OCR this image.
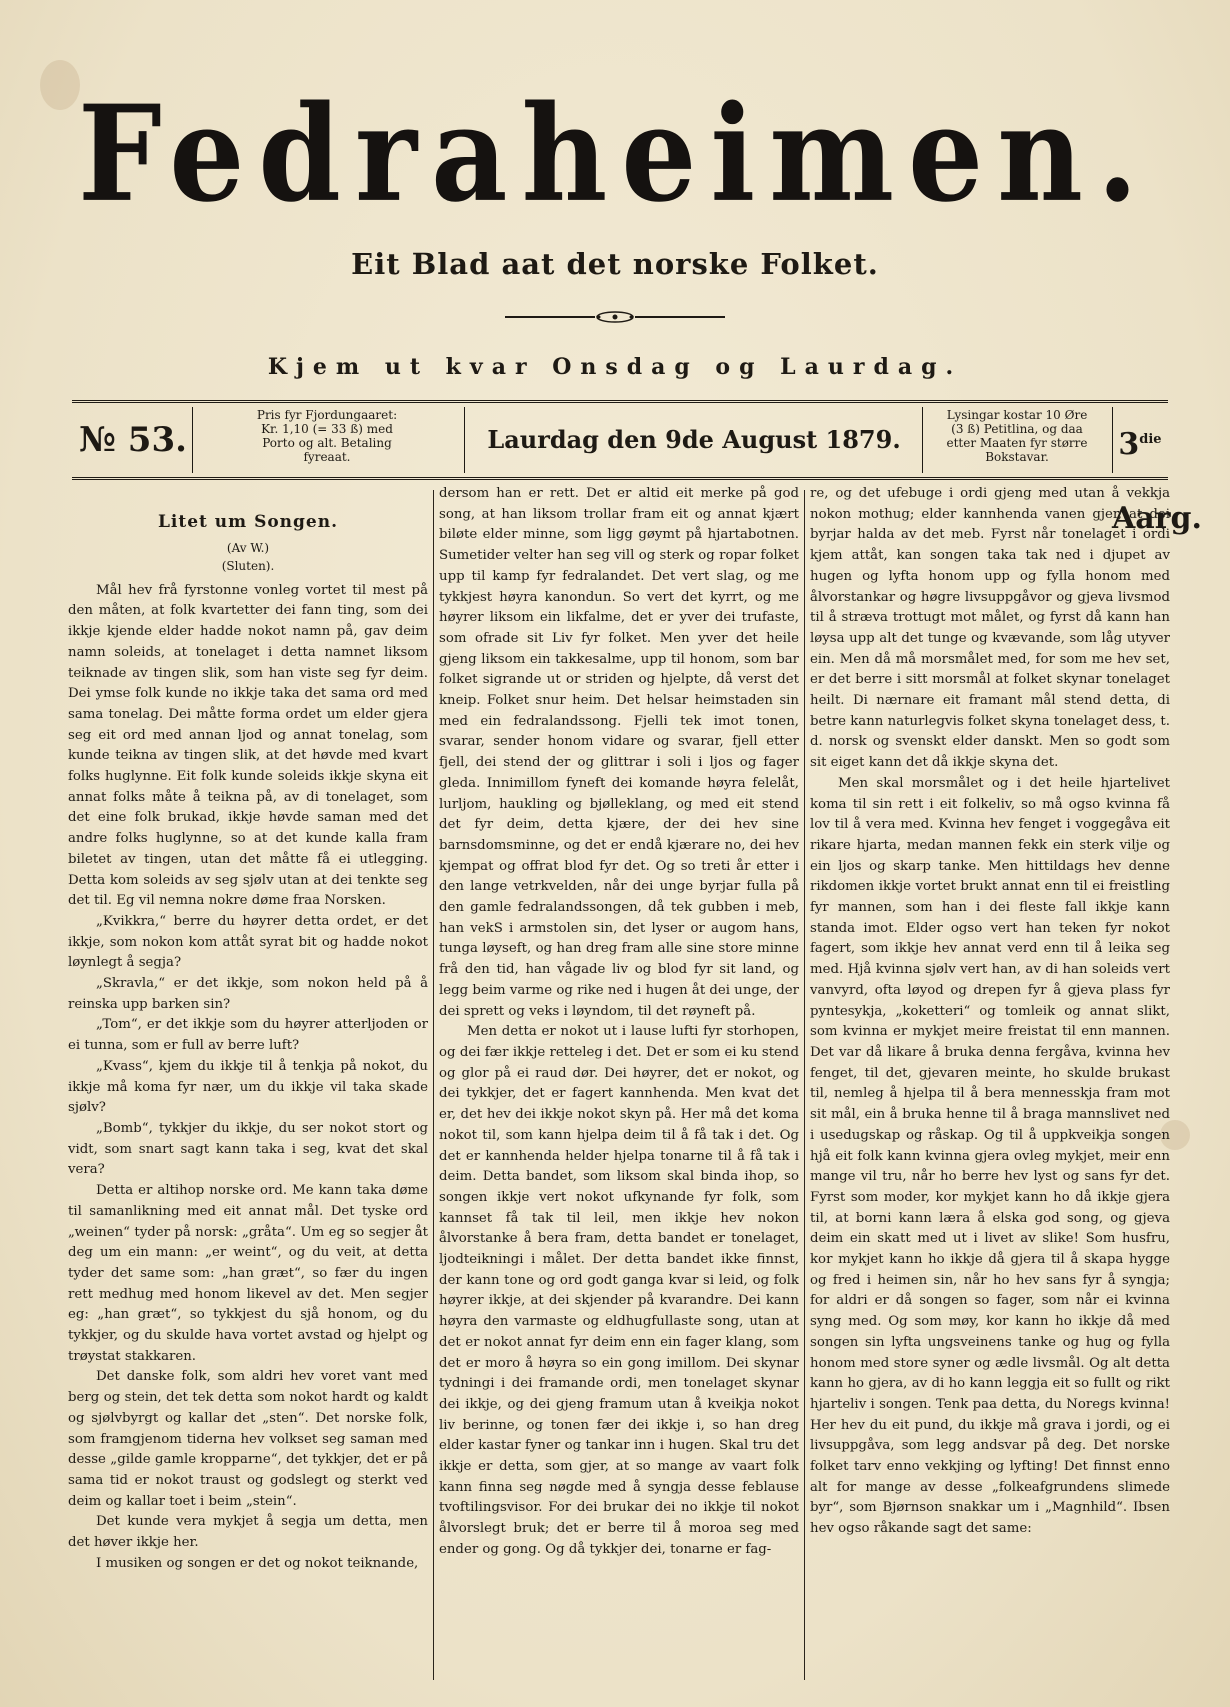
Fedraheimen.
Eit Blad aat det norske Folket.
Kjem ut kvar Onsdag og Laurdag.
№ 53.
Pris fyr Fjordungaaret:
Kr. 1,10 (= 33 ß) med
Porto og alt. Betaling
fyreaat.
Laurdag den 9de August 1879.
Lysingar kostar 10 Øre
(3 ß) Petitlina, og daa
etter Maaten fyr større
Bokstavar.	$3^{die}$ Aarg.
Litet um Songen.
(Av W.)
(Sluten).

Mål hev frå fyrstonne vonleg vortet til mest på den måten, at folk kvartetter dei fann ting, som dei ikkje kjende elder hadde nokot namn på, gav deim namn soleids, at tonelaget i detta namnet liksom teiknade av tingen slik, som han viste seg fyr deim. Dei ymse folk kunde no ikkje taka det sama ord med sama tonelag. Dei måtte forma ordet um elder gjera seg eit ord med annan ljod og annat tonelag, som kunde teikna av tingen slik, at det høvde med kvart folks huglynne. Eit folk kunde soleids ikkje skyna eit annat folks måte å teikna på, av di tonelaget, som det eine folk brukad, ikkje høvde saman med det andre folks huglynne, so at det kunde kalla fram biletet av tingen, utan det måtte få ei utlegging. Detta kom soleids av seg sjølv utan at dei tenkte seg det til. Eg vil nemna nokre døme fraa Norsken.

„Kvikkra,“ berre du høyrer detta ordet, er det ikkje, som nokon kom attåt syrat bit og hadde nokot løynlegt å segja?

„Skravla,“ er det ikkje, som nokon held på å reinska upp barken sin?

„Tom“, er det ikkje som du høyrer atterljoden or ei tunna, som er full av berre luft?

„Kvass“, kjem du ikkje til å tenkja på nokot, du ikkje må koma fyr nær, um du ikkje vil taka skade sjølv?

„Bomb“, tykkjer du ikkje, du ser nokot stort og vidt, som snart sagt kann taka i seg, kvat det skal vera?

Detta er altihop norske ord. Me kann taka døme til samanlikning med eit annat mål. Det tyske ord „weinen“ tyder på norsk: „gråta“. Um eg so segjer åt deg um ein mann: „er weint“, og du veit, at detta tyder det same som: „han græt“, so fær du ingen rett medhug med honom likevel av det. Men segjer eg: „han græt“, so tykkjest du sjå honom, og du tykkjer, og du skulde hava vortet avstad og hjelpt og trøystat stakkaren.

Det danske folk, som aldri hev voret vant med berg og stein, det tek detta som nokot hardt og kaldt og sjølvbyrgt og kallar det „sten“. Det norske folk, som framgjenom tiderna hev volkset seg saman med desse „gilde gamle kropparne“, det tykkjer, det er på sama tid er nokot traust og godslegt og sterkt ved deim og kallar toet i beim „stein“.

Det kunde vera mykjet å segja um detta, men det høver ikkje her.

I musiken og songen er det og nokot teiknande,

dersom han er rett. Det er altid eit merke på god song, at han liksom trollar fram eit og annat kjært biløte elder minne, som ligg gøymt på hjartabotnen. Sumetider velter han seg vill og sterk og ropar folket upp til kamp fyr fedralandet. Det vert slag, og me tykkjest høyra kanondun. So vert det kyrrt, og me høyrer liksom ein likfalme, det er yver dei trufaste, som ofrade sit Liv fyr folket. Men yver det heile gjeng liksom ein takkesalme, upp til honom, som bar folket sigrande ut or striden og hjelpte, då verst det kneip. Folket snur heim. Det helsar heimstaden sin med ein fedralandssong. Fjelli tek imot tonen, svarar, sender honom vidare og svarar, fjell etter fjell, dei stend der og glittrar i soli i ljos og fager gleda. Innimillom fyneft dei komande høyra felelåt, lurljom, haukling og bjølleklang, og med eit stend det fyr deim, detta kjære, der dei hev sine barnsdomsminne, og det er endå kjærare no, dei hev kjempat og offrat blod fyr det. Og so treti år etter i den lange vetrkvelden, når dei unge byrjar fulla på den gamle fedralandssongen, då tek gubben i meb, han vekS i armstolen sin, det lyser or augom hans, tunga løyseft, og han dreg fram alle sine store minne frå den tid, han vågade liv og blod fyr sit land, og legg beim varme og rike ned i hugen åt dei unge, der dei sprett og veks i løyndom, til det røyneft på.

Men detta er nokot ut i lause lufti fyr storhopen, og dei fær ikkje retteleg i det. Det er som ei ku stend og glor på ei raud dør. Dei høyrer, det er nokot, og dei tykkjer, det er fagert kannhenda. Men kvat det er, det hev dei ikkje nokot skyn på. Her må det koma nokot til, som kann hjelpa deim til å få tak i det. Og det er kannhenda helder hjelpa tonarne til å få tak i deim. Detta bandet, som liksom skal binda ihop, so songen ikkje vert nokot ufkynande fyr folk, som kannset få tak til leil, men ikkje hev nokon ålvorstanke å bera fram, detta bandet er tonelaget, ljodteikningi i målet. Der detta bandet ikke finnst, der kann tone og ord godt ganga kvar si leid, og folk høyrer ikkje, at dei skjender på kvarandre. Dei kann høyra den varmaste og eldhugfullaste song, utan at det er nokot annat fyr deim enn ein fager klang, som det er moro å høyra so ein gong imillom. Dei skynar tydningi i dei framande ordi, men tonelaget skynar dei ikkje, og dei gjeng framum utan å kveikja nokot liv berinne, og tonen fær dei ikkje i, so han dreg elder kastar fyner og tankar inn i hugen. Skal tru det ikkje er detta, som gjer, at so mange av vaart folk kann finna seg nøgde med å syngja desse feblause tvoftilingsvisor. For dei brukar dei no ikkje til nokot ålvorslegt bruk; det er berre til å moroa seg med ender og gong. Og då tykkjer dei, tonarne er fag-

re, og det ufebuge i ordi gjeng med utan å vekkja nokon mothug; elder kannhenda vanen gjer, at dei byrjar halda av det meb. Fyrst når tonelaget i ordi kjem attåt, kan songen taka tak ned i djupet av hugen og lyfta honom upp og fylla honom med ålvorstankar og høgre livsuppgåvor og gjeva livsmod til å stræva trottugt mot målet, og fyrst då kann han løysa upp alt det tunge og kvævande, som låg utyver ein. Men då må morsmålet med, for som me hev set, er det berre i sitt morsmål at folket skynar tonelaget heilt. Di nærnare eit framant mål stend detta, di betre kann naturlegvis folket skyna tonelaget dess, t. d. norsk og svenskt elder danskt. Men so godt som sit eiget kann det då ikkje skyna det.

Men skal morsmålet og i det heile hjartelivet koma til sin rett i eit folkeliv, so må ogso kvinna få lov til å vera med. Kvinna hev fenget i voggegåva eit rikare hjarta, medan mannen fekk ein sterk vilje og ein ljos og skarp tanke. Men hittildags hev denne rikdomen ikkje vortet brukt annat enn til ei freistling fyr mannen, som han i dei fleste fall ikkje kann standa imot. Elder ogso vert han teken fyr nokot fagert, som ikkje hev annat verd enn til å leika seg med. Hjå kvinna sjølv vert han, av di han soleids vert vanvyrd, ofta løyod og drepen fyr å gjeva plass fyr pyntesykja, „koketteri“ og tomleik og annat slikt, som kvinna er mykjet meire freistat til enn mannen. Det var då likare å bruka denna fergåva, kvinna hev fenget, til det, gjevaren meinte, ho skulde brukast til, nemleg å hjelpa til å bera mennesskja fram mot sit mål, ein å bruka henne til å braga mannslivet ned i usedugskap og råskap. Og til å uppkveikja songen hjå eit folk kann kvinna gjera ovleg mykjet, meir enn mange vil tru, når ho berre hev lyst og sans fyr det. Fyrst som moder, kor mykjet kann ho då ikkje gjera til, at borni kann læra å elska god song, og gjeva deim ein skatt med ut i livet av slike! Som husfru, kor mykjet kann ho ikkje då gjera til å skapa hygge og fred i heimen sin, når ho hev sans fyr å syngja; for aldri er då songen so fager, som når ei kvinna syng med. Og som møy, kor kann ho ikkje då med songen sin lyfta ungsveinens tanke og hug og fylla honom med store syner og ædle livsmål. Og alt detta kann ho gjera, av di ho kann leggja eit so fullt og rikt hjarteliv i songen. Tenk paa detta, du Noregs kvinna! Her hev du eit pund, du ikkje må grava i jordi, og ei livsuppgåva, som legg andsvar på deg. Det norske folket tarv enno vekkjing og lyfting! Det finnst enno alt for mange av desse „folkeafgrundens slimede byr“, som Bjørnson snakkar um i „Magnhild“. Ibsen hev ogso råkande sagt det same:
